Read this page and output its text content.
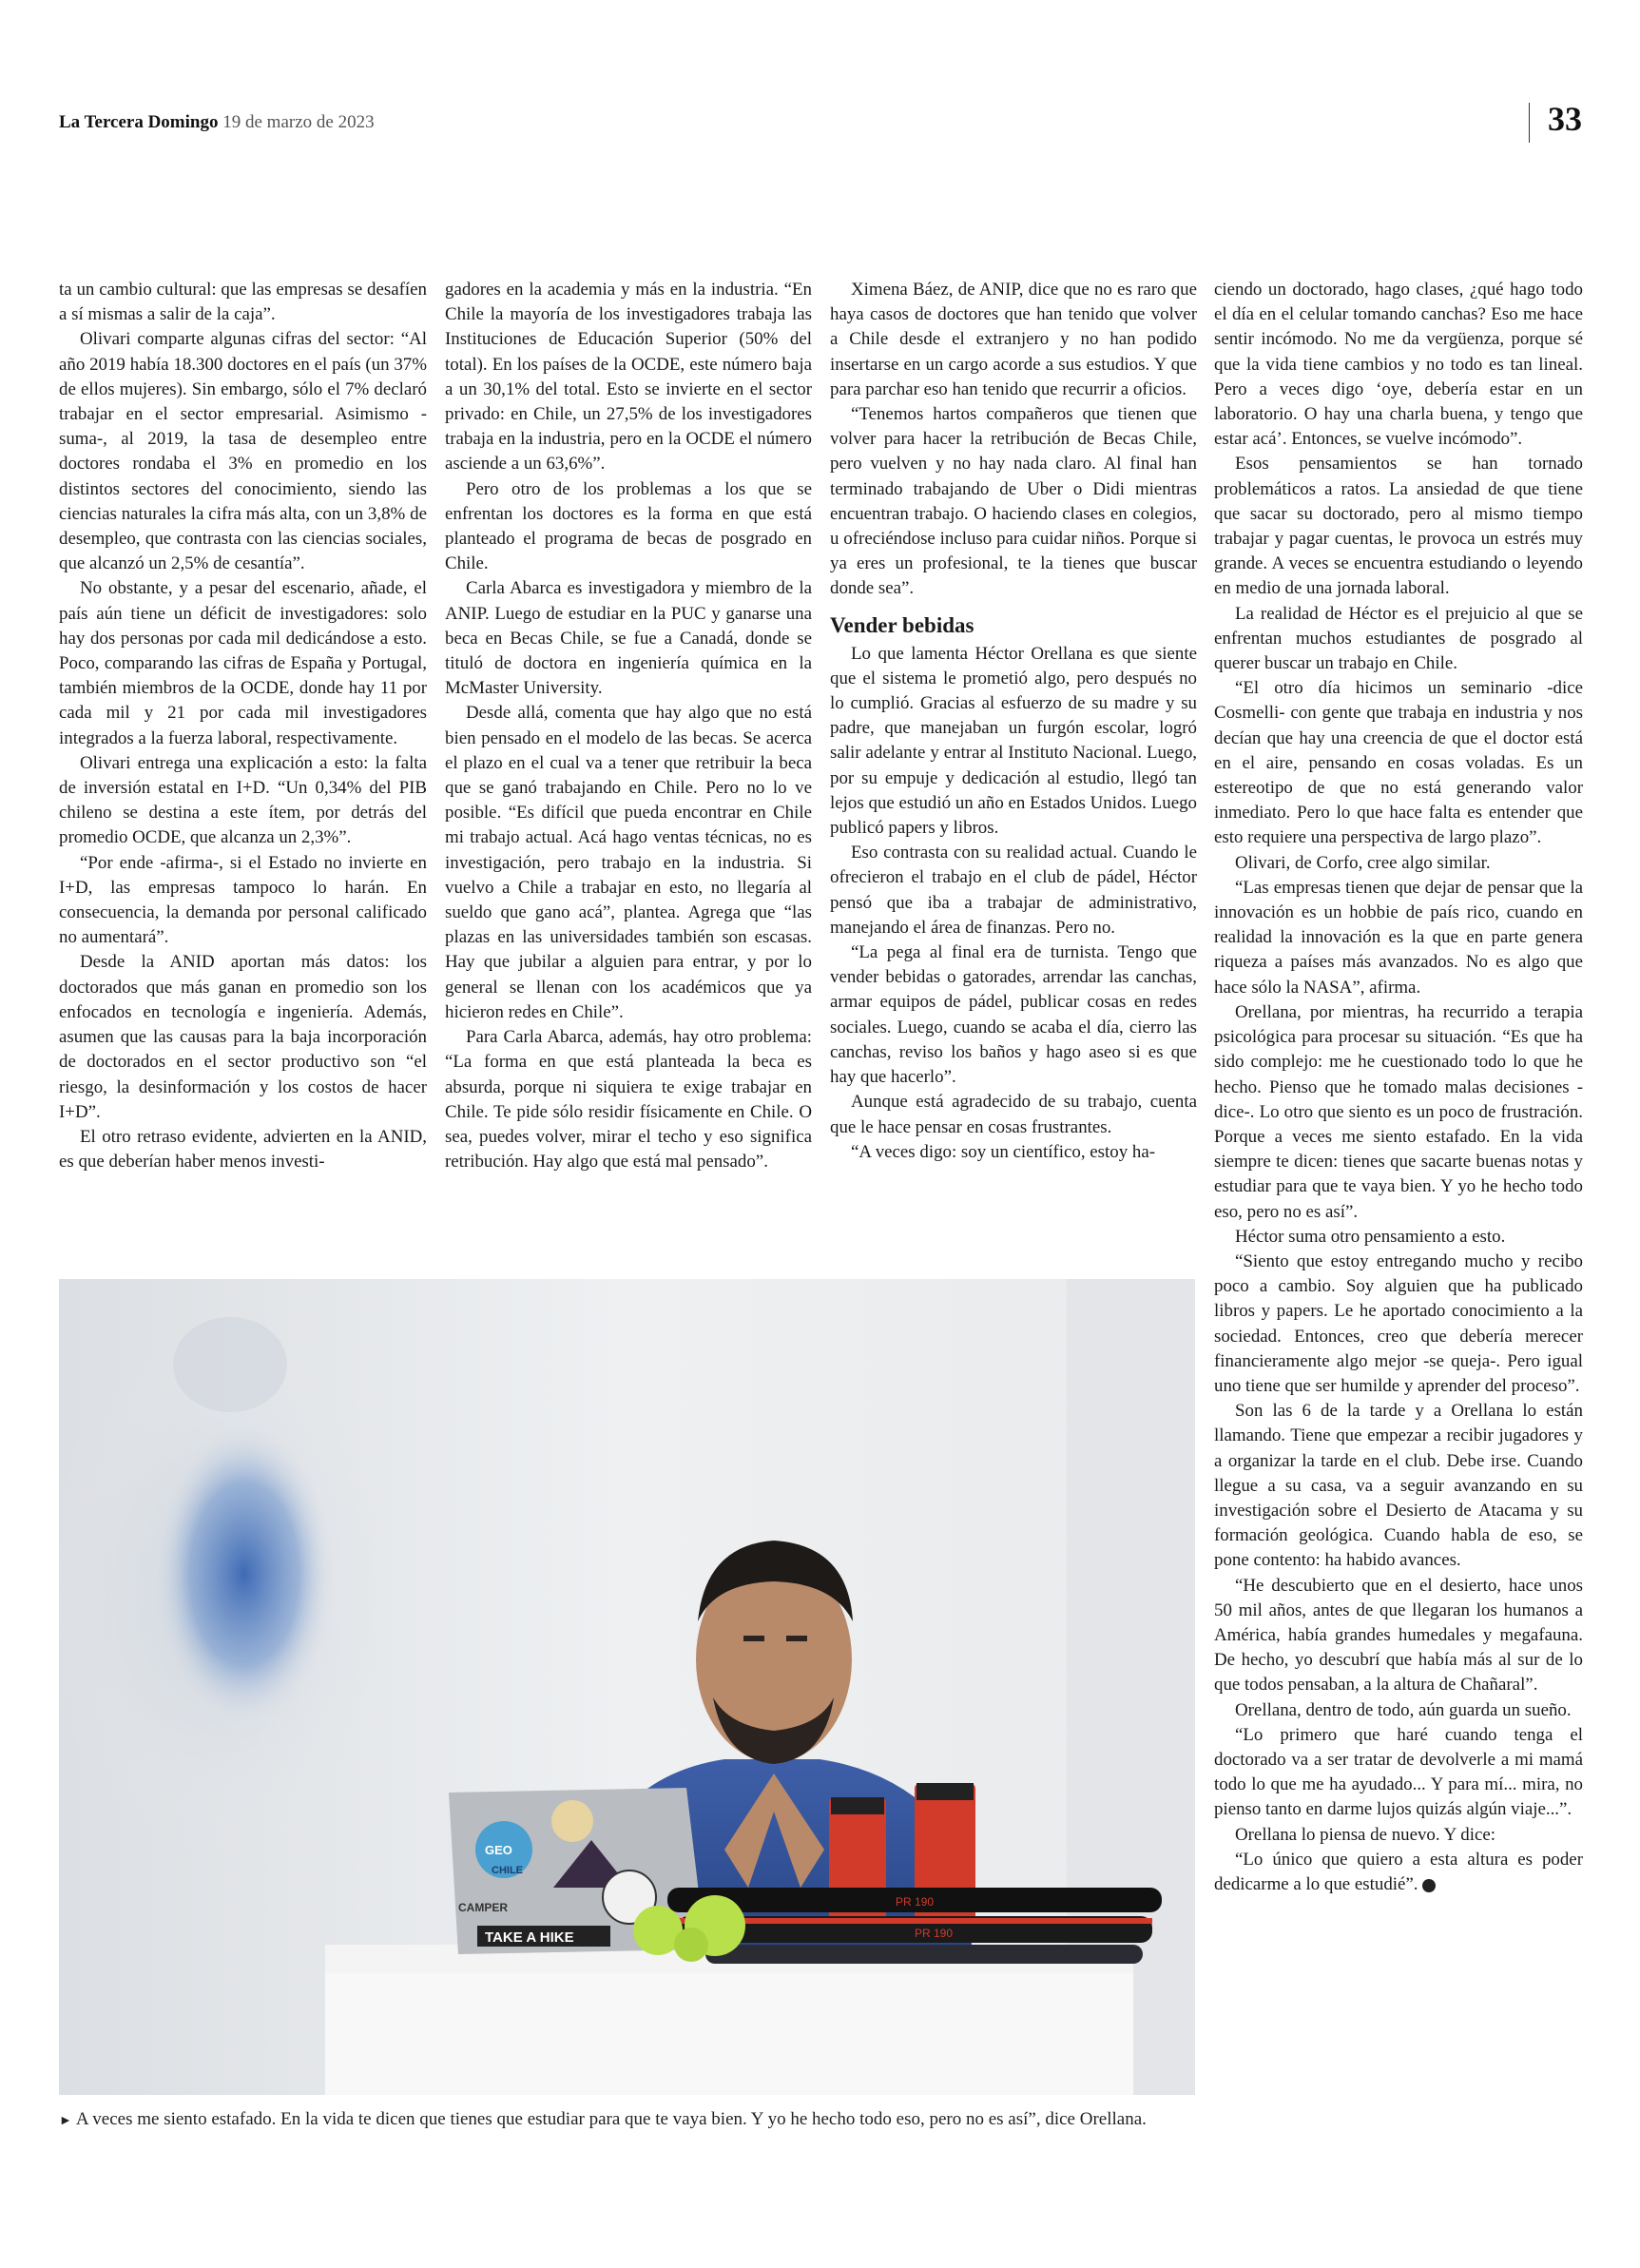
La Tercera Domingo 19 de marzo de 2023	33

ta un cambio cultural: que las empresas se desafíen a sí mismas a salir de la caja”.

Olivari comparte algunas cifras del sector: “Al año 2019 había 18.300 doctores en el país (un 37% de ellos mujeres). Sin embargo, sólo el 7% declaró trabajar en el sector empresarial. Asimismo -suma-, al 2019, la tasa de desempleo entre doctores rondaba el 3% en promedio en los distintos sectores del conocimiento, siendo las ciencias naturales la cifra más alta, con un 3,8% de desempleo, que contrasta con las ciencias sociales, que alcanzó un 2,5% de cesantía”.

No obstante, y a pesar del escenario, añade, el país aún tiene un déficit de investigadores: solo hay dos personas por cada mil dedicándose a esto. Poco, comparando las cifras de España y Portugal, también miembros de la OCDE, donde hay 11 por cada mil y 21 por cada mil investigadores integrados a la fuerza laboral, respectivamente.

Olivari entrega una explicación a esto: la falta de inversión estatal en I+D. “Un 0,34% del PIB chileno se destina a este ítem, por detrás del promedio OCDE, que alcanza un 2,3%”.

“Por ende -afirma-, si el Estado no invierte en I+D, las empresas tampoco lo harán. En consecuencia, la demanda por personal calificado no aumentará”.

Desde la ANID aportan más datos: los doctorados que más ganan en promedio son los enfocados en tecnología e ingeniería. Además, asumen que las causas para la baja incorporación de doctorados en el sector productivo son “el riesgo, la desinformación y los costos de hacer I+D”.

El otro retraso evidente, advierten en la ANID, es que deberían haber menos investi-

gadores en la academia y más en la industria. “En Chile la mayoría de los investigadores trabaja las Instituciones de Educación Superior (50% del total). En los países de la OCDE, este número baja a un 30,1% del total. Esto se invierte en el sector privado: en Chile, un 27,5% de los investigadores trabaja en la industria, pero en la OCDE el número asciende a un 63,6%”.

Pero otro de los problemas a los que se enfrentan los doctores es la forma en que está planteado el programa de becas de posgrado en Chile.

Carla Abarca es investigadora y miembro de la ANIP. Luego de estudiar en la PUC y ganarse una beca en Becas Chile, se fue a Canadá, donde se tituló de doctora en ingeniería química en la McMaster University.

Desde allá, comenta que hay algo que no está bien pensado en el modelo de las becas. Se acerca el plazo en el cual va a tener que retribuir la beca que se ganó trabajando en Chile. Pero no lo ve posible. “Es difícil que pueda encontrar en Chile mi trabajo actual. Acá hago ventas técnicas, no es investigación, pero trabajo en la industria. Si vuelvo a Chile a trabajar en esto, no llegaría al sueldo que gano acá”, plantea. Agrega que “las plazas en las universidades también son escasas. Hay que jubilar a alguien para entrar, y por lo general se llenan con los académicos que ya hicieron redes en Chile”.

Para Carla Abarca, además, hay otro problema: “La forma en que está planteada la beca es absurda, porque ni siquiera te exige trabajar en Chile. Te pide sólo residir físicamente en Chile. O sea, puedes volver, mirar el techo y eso significa retribución. Hay algo que está mal pensado”.

Ximena Báez, de ANIP, dice que no es raro que haya casos de doctores que han tenido que volver a Chile desde el extranjero y no han podido insertarse en un cargo acorde a sus estudios. Y que para parchar eso han tenido que recurrir a oficios.

“Tenemos hartos compañeros que tienen que volver para hacer la retribución de Becas Chile, pero vuelven y no hay nada claro. Al final han terminado trabajando de Uber o Didi mientras encuentran trabajo. O haciendo clases en colegios, u ofreciéndose incluso para cuidar niños. Porque si ya eres un profesional, te la tienes que buscar donde sea”.

Vender bebidas

Lo que lamenta Héctor Orellana es que siente que el sistema le prometió algo, pero después no lo cumplió. Gracias al esfuerzo de su madre y su padre, que manejaban un furgón escolar, logró salir adelante y entrar al Instituto Nacional. Luego, por su empuje y dedicación al estudio, llegó tan lejos que estudió un año en Estados Unidos. Luego publicó papers y libros.

Eso contrasta con su realidad actual. Cuando le ofrecieron el trabajo en el club de pádel, Héctor pensó que iba a trabajar de administrativo, manejando el área de finanzas. Pero no.

“La pega al final era de turnista. Tengo que vender bebidas o gatorades, arrendar las canchas, armar equipos de pádel, publicar cosas en redes sociales. Luego, cuando se acaba el día, cierro las canchas, reviso los baños y hago aseo si es que hay que hacerlo”.

Aunque está agradecido de su trabajo, cuenta que le hace pensar en cosas frustrantes.

“A veces digo: soy un científico, estoy ha-

ciendo un doctorado, hago clases, ¿qué hago todo el día en el celular tomando canchas? Eso me hace sentir incómodo. No me da vergüenza, porque sé que la vida tiene cambios y no todo es tan lineal. Pero a veces digo ‘oye, debería estar en un laboratorio. O hay una charla buena, y tengo que estar acá’. Entonces, se vuelve incómodo”.

Esos pensamientos se han tornado problemáticos a ratos. La ansiedad de que tiene que sacar su doctorado, pero al mismo tiempo trabajar y pagar cuentas, le provoca un estrés muy grande. A veces se encuentra estudiando o leyendo en medio de una jornada laboral.

La realidad de Héctor es el prejuicio al que se enfrentan muchos estudiantes de posgrado al querer buscar un trabajo en Chile.

“El otro día hicimos un seminario -dice Cosmelli- con gente que trabaja en industria y nos decían que hay una creencia de que el doctor está en el aire, pensando en cosas voladas. Es un estereotipo de que no está generando valor inmediato. Pero lo que hace falta es entender que esto requiere una perspectiva de largo plazo”.

Olivari, de Corfo, cree algo similar.

“Las empresas tienen que dejar de pensar que la innovación es un hobbie de país rico, cuando en realidad la innovación es la que en parte genera riqueza a países más avanzados. No es algo que hace sólo la NASA”, afirma.

Orellana, por mientras, ha recurrido a terapia psicológica para procesar su situación. “Es que ha sido complejo: me he cuestionado todo lo que he hecho. Pienso que he tomado malas decisiones -dice-. Lo otro que siento es un poco de frustración. Porque a veces me siento estafado. En la vida siempre te dicen: tienes que sacarte buenas notas y estudiar para que te vaya bien. Y yo he hecho todo eso, pero no es así”.

Héctor suma otro pensamiento a esto.

“Siento que estoy entregando mucho y recibo poco a cambio. Soy alguien que ha publicado libros y papers. Le he aportado conocimiento a la sociedad. Entonces, creo que debería merecer financieramente algo mejor -se queja-. Pero igual uno tiene que ser humilde y aprender del proceso”.

Son las 6 de la tarde y a Orellana lo están llamando. Tiene que empezar a recibir jugadores y a organizar la tarde en el club. Debe irse. Cuando llegue a su casa, va a seguir avanzando en su investigación sobre el Desierto de Atacama y su formación geológica. Cuando habla de eso, se pone contento: ha habido avances.

“He descubierto que en el desierto, hace unos 50 mil años, antes de que llegaran los humanos a América, había grandes humedales y megafauna. De hecho, yo descubrí que había más al sur de lo que todos pensaban, a la altura de Chañaral”.

Orellana, dentro de todo, aún guarda un sueño.

“Lo primero que haré cuando tenga el doctorado va a ser tratar de devolverle a mi mamá todo lo que me ha ayudado... Y para mí... mira, no pienso tanto en darme lujos quizás algún viaje...”.

Orellana lo piensa de nuevo. Y dice:

“Lo único que quiero a esta altura es poder dedicarme a lo que estudié”.	◐

GEO
CHILE
CAMPER
TAKE A HIKE
PR 190
PR 190
► A veces me siento estafado. En la vida te dicen que tienes que estudiar para que te vaya bien. Y yo he hecho todo eso, pero no es así”, dice Orellana.
